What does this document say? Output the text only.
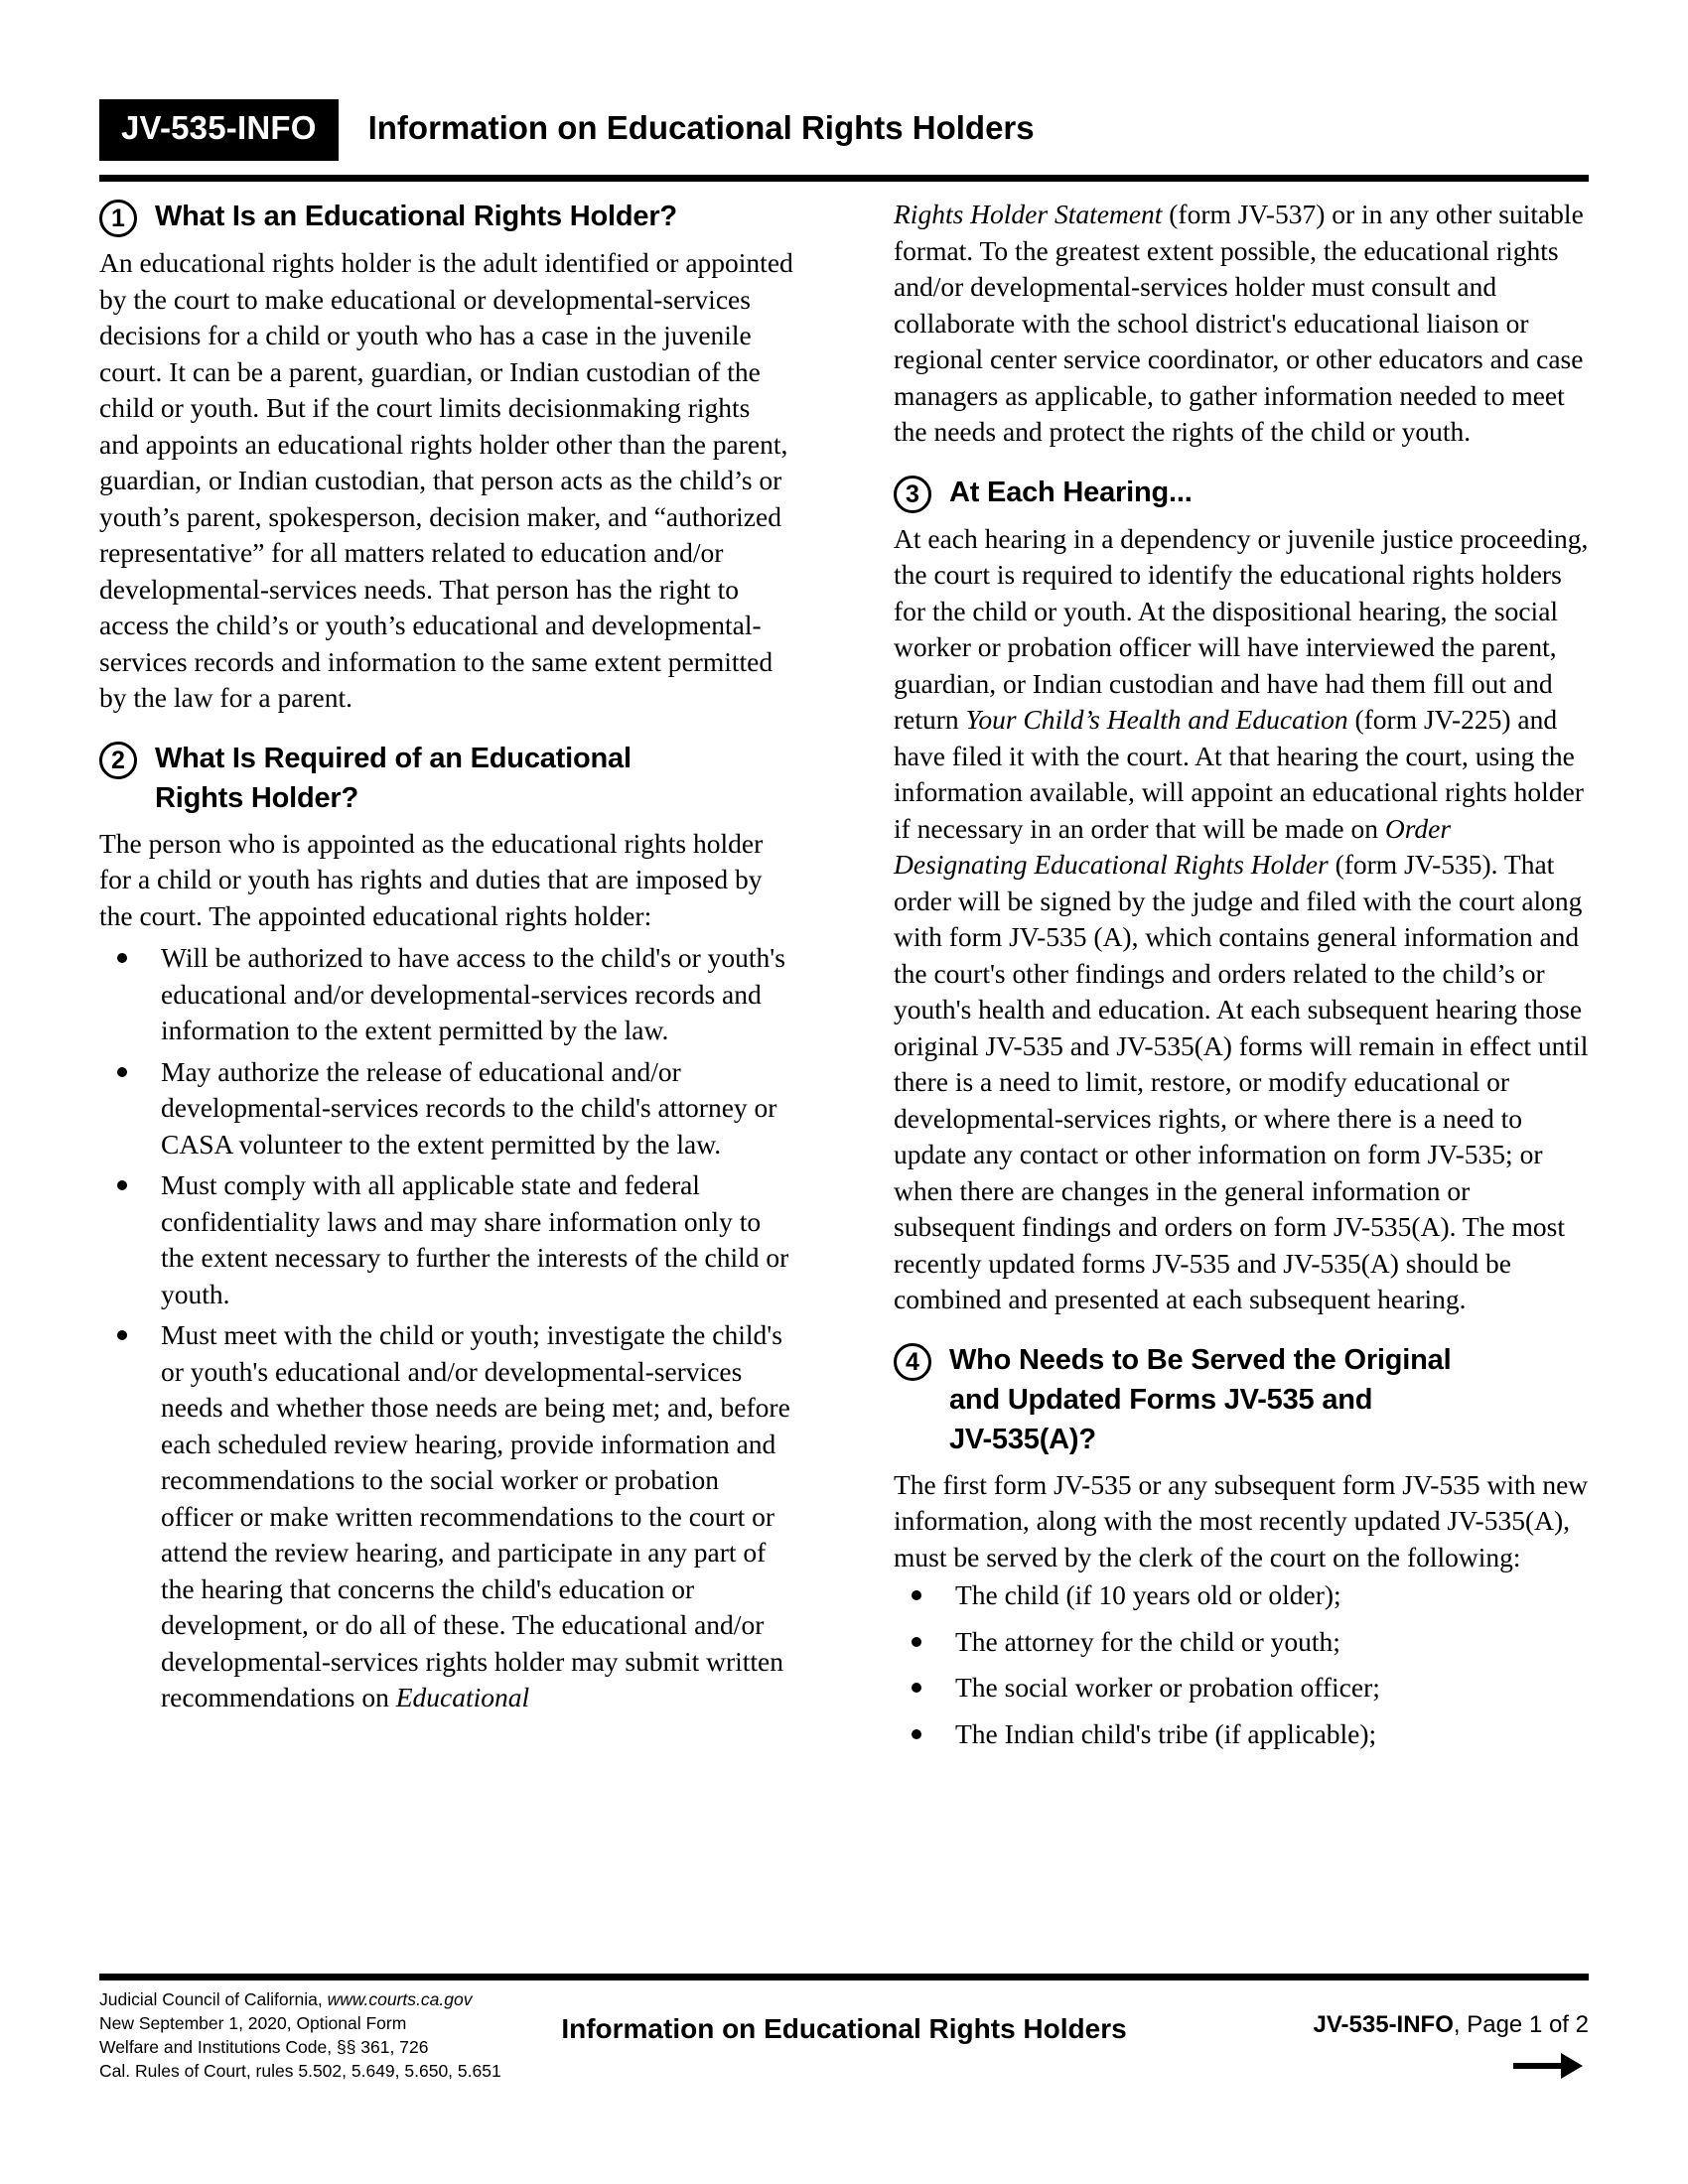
JV-535-INFO	Information on Educational Rights Holders
1	What Is an Educational Rights Holder?

An educational rights holder is the adult identified or appointed by the court to make educational or developmental-services decisions for a child or youth who has a case in the juvenile court. It can be a parent, guardian, or Indian custodian of the child or youth. But if the court limits decisionmaking rights and appoints an educational rights holder other than the parent, guardian, or Indian custodian, that person acts as the child’s or youth’s parent, spokesperson, decision maker, and “authorized representative” for all matters related to education and/or developmental-services needs. That person has the right to access the child’s or youth’s educational and developmental-services records and information to the same extent permitted by the law for a parent.

2	What Is Required of an Educational
Rights Holder?

The person who is appointed as the educational rights holder for a child or youth has rights and duties that are imposed by the court. The appointed educational rights holder:

Will be authorized to have access to the child's or youth's educational and/or developmental-services records and information to the extent permitted by the law.
May authorize the release of educational and/or developmental-services records to the child's attorney or CASA volunteer to the extent permitted by the law.
Must comply with all applicable state and federal confidentiality laws and may share information only to the extent necessary to further the interests of the child or youth.
Must meet with the child or youth; investigate the child's or youth's educational and/or developmental-services needs and whether those needs are being met; and, before each scheduled review hearing, provide information and recommendations to the social worker or probation officer or make written recommendations to the court or attend the review hearing, and participate in any part of the hearing that concerns the child's education or development, or do all of these. The educational and/or developmental-services rights holder may submit written recommendations on Educational

Rights Holder Statement (form JV-537) or in any other suitable format. To the greatest extent possible, the educational rights and/or developmental-services holder must consult and collaborate with the school district's educational liaison or regional center service coordinator, or other educators and case managers as applicable, to gather information needed to meet the needs and protect the rights of the child or youth.

3	At Each Hearing...

At each hearing in a dependency or juvenile justice proceeding, the court is required to identify the educational rights holders for the child or youth. At the dispositional hearing, the social worker or probation officer will have interviewed the parent, guardian, or Indian custodian and have had them fill out and return Your Child’s Health and Education (form JV-225) and have filed it with the court. At that hearing the court, using the information available, will appoint an educational rights holder if necessary in an order that will be made on Order Designating Educational Rights Holder (form JV-535). That order will be signed by the judge and filed with the court along with form JV-535 (A), which contains general information and the court's other findings and orders related to the child’s or youth's health and education. At each subsequent hearing those original JV-535 and JV-535(A) forms will remain in effect until there is a need to limit, restore, or modify educational or developmental-services rights, or where there is a need to update any contact or other information on form JV-535; or when there are changes in the general information or subsequent findings and orders on form JV-535(A). The most recently updated forms JV-535 and JV-535(A) should be combined and presented at each subsequent hearing.

4	Who Needs to Be Served the Original
and Updated Forms JV-535 and
JV-535(A)?

The first form JV-535 or any subsequent form JV-535 with new information, along with the most recently updated JV-535(A), must be served by the clerk of the court on the following:

The child (if 10 years old or older);
The attorney for the child or youth;
The social worker or probation officer;
The Indian child's tribe (if applicable);
Judicial Council of California, www.courts.ca.gov
New September 1, 2020, Optional Form
Welfare and Institutions Code, §§ 361, 726
Cal. Rules of Court, rules 5.502, 5.649, 5.650, 5.651
Information on Educational Rights Holders	JV-535-INFO, Page 1 of 2
